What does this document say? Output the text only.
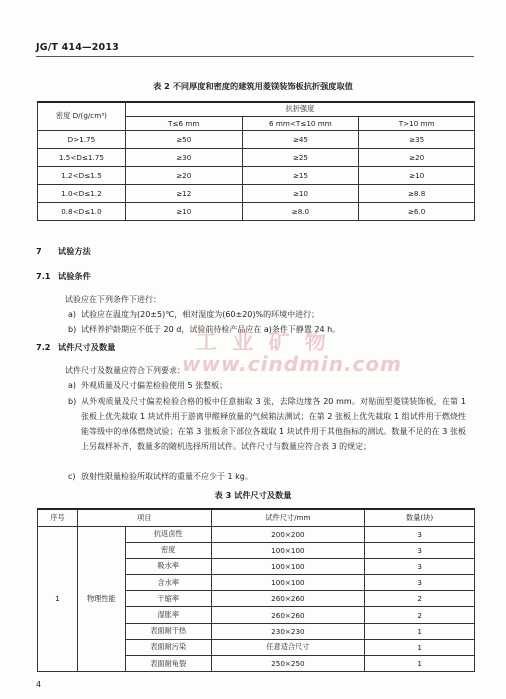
JG/T 414—2013
表 2 不同厚度和密度的建筑用菱镁装饰板抗折强度取值
密度 D/(g/cm³)	抗折强度		
	T≤6 mm	6 mm<T≤10 mm	T>10 mm
D>1.75	≥50	≥45	≥35
1.5<D≤1.75	≥30	≥25	≥20
1.2<D≤1.5	≥20	≥15	≥10
1.0<D≤1.2	≥12	≥10	≥8.8
0.8<D≤1.0	≥10	≥8.0	≥6.0
7 试验方法
7.1 试验条件
试验应在下列条件下进行：
a) 试验应在温度为(20±5)℃，相对湿度为(60±20)%的环境中进行；
b) 试样养护龄期应不低于 20 d，试验前待检产品应在 a)条件下静置 24 h。
7.2 试件尺寸及数量
试件尺寸及数量应符合下列要求：
a) 外观质量及尺寸偏差检验使用 5 张整板；
b) 从外观质量及尺寸偏差检验合格的板中任意抽取 3 张，去除边缘各 20 mm。对贴面型菱镁装饰板，在第 1 张板上优先裁取 1 块试件用于游离甲醛释放量的气候箱法测试；在第 2 张板上优先裁取 1 组试件用于燃烧性能等级中的单体燃烧试验；在第 3 张板余下部位各裁取 1 块试件用于其他指标的测试。数量不足的在 3 张板上另裁样补齐，数量多的随机选择所用试件。试件尺寸与数量应符合表 3 的规定；
c) 放射性限量检验所取试样的重量不应少于 1 kg。
表 3 试件尺寸及数量
序号	项目		试件尺寸/mm	数量(块)
1	物理性能	抗返卤性	200×200	3
		密度	100×100	3
		吸水率	100×100	3
		含水率	100×100	3
		干缩率	260×260	2
		湿胀率	260×260	2
		表面耐干热	230×230	1
		表面耐污染	任意适合尺寸	1
		表面耐龟裂	250×250	1
工 业 矿 物
www.cindmin.com
4
